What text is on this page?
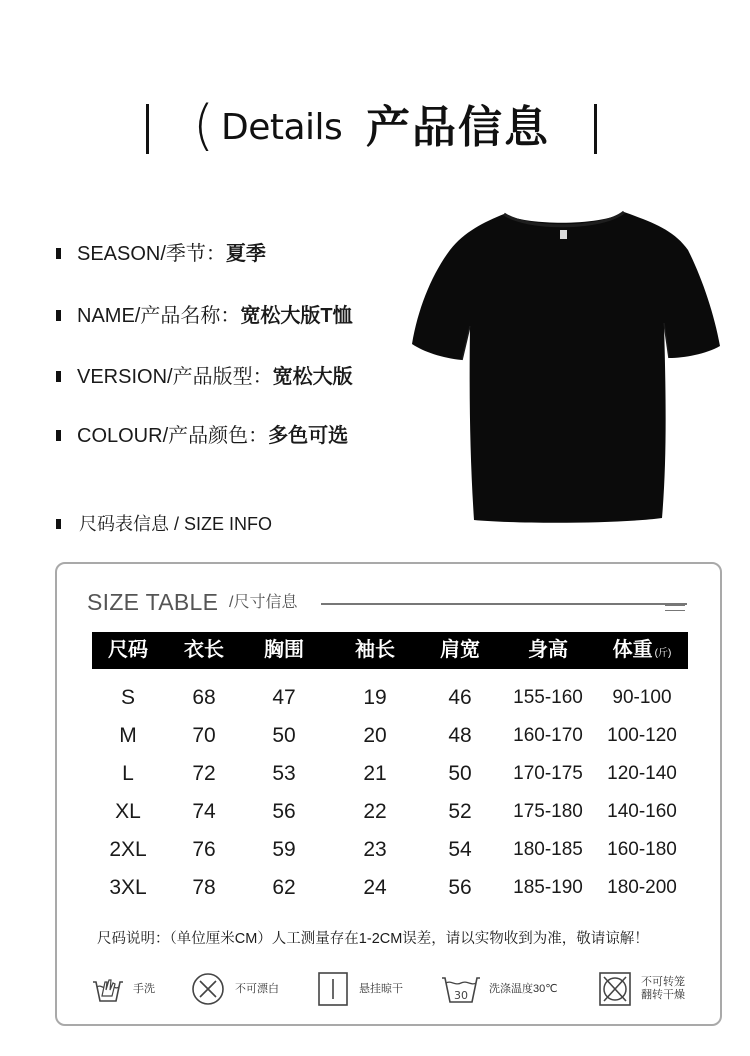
( Details 产品信息
SEASON/季节：夏季
NAME/产品名称：宽松大版T恤
VERSION/产品版型：宽松大版
COLOUR/产品颜色：多色可选
尺码表信息 / SIZE INFO
SIZE TABLE /尺寸信息
尺码	衣长	胸围	袖长	肩宽	身高	体重 (斤)
S	68	47	19	46	155-160	90-100
M	70	50	20	48	160-170	100-120
L	72	53	21	50	170-175	120-140
XL	74	56	22	52	175-180	140-160
2XL	76	59	23	54	180-185	160-180
3XL	78	62	24	56	185-190	180-200
尺码说明：（单位厘米CM）人工测量存在1-2CM误差，请以实物收到为准，敬请谅解！
手洗	不可漂白	悬挂晾干	30 洗涤温度30℃
不可转笼
翻转干燥
